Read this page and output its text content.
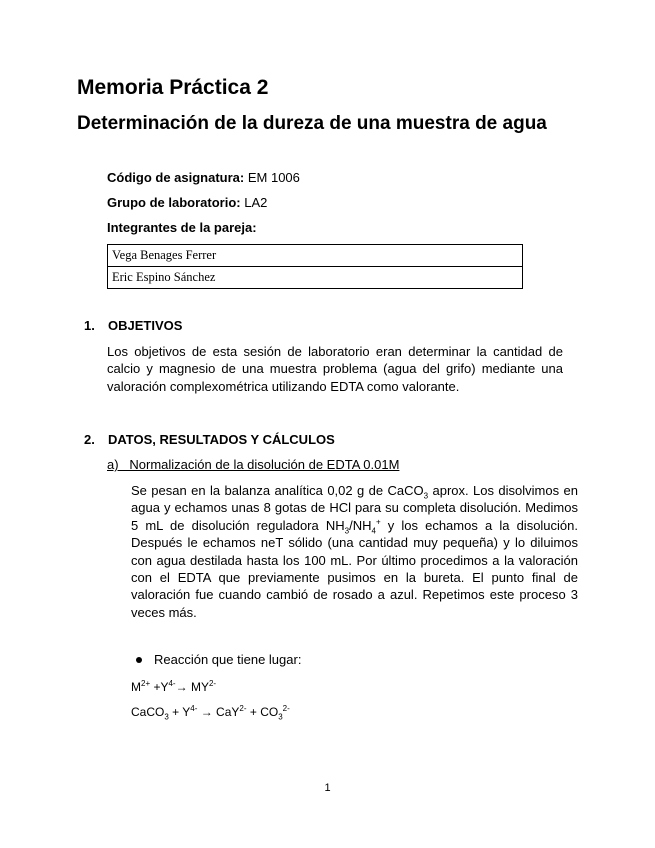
Memoria Práctica 2
Determinación de la dureza de una muestra de agua
Código de asignatura: EM 1006
Grupo de laboratorio: LA2
Integrantes de la pareja:
Vega Benages Ferrer
Eric Espino Sánchez
1. OBJETIVOS
Los objetivos de esta sesión de laboratorio eran determinar la cantidad de calcio y magnesio de una muestra problema (agua del grifo) mediante una valoración complexométrica utilizando EDTA como valorante.
2. DATOS, RESULTADOS Y CÁLCULOS
a)   Normalización de la disolución de EDTA 0.01M
Se pesan en la balanza analítica 0,02 g de CaCO$_3$ aprox. Los disolvimos en agua y echamos unas 8 gotas de HCl para su completa disolución. Medimos 5 mL de disolución reguladora $NH_3/NH_4^+$ y los echamos a la disolución. Después le echamos neT sólido (una cantidad muy pequeña) y lo diluimos con agua destilada hasta los 100 mL. Por último procedimos a la valoración con el EDTA que previamente pusimos en la bureta. El punto final de valoración fue cuando cambió de rosado a azul. Repetimos este proceso 3 veces más.
Reacción que tiene lugar:
$M^{2+} +Y^{4-}\to MY^{2-}$
CaCO$_3$ + $Y^{4-} \to CaY^{2-} + CO_3^{2-}$
1
